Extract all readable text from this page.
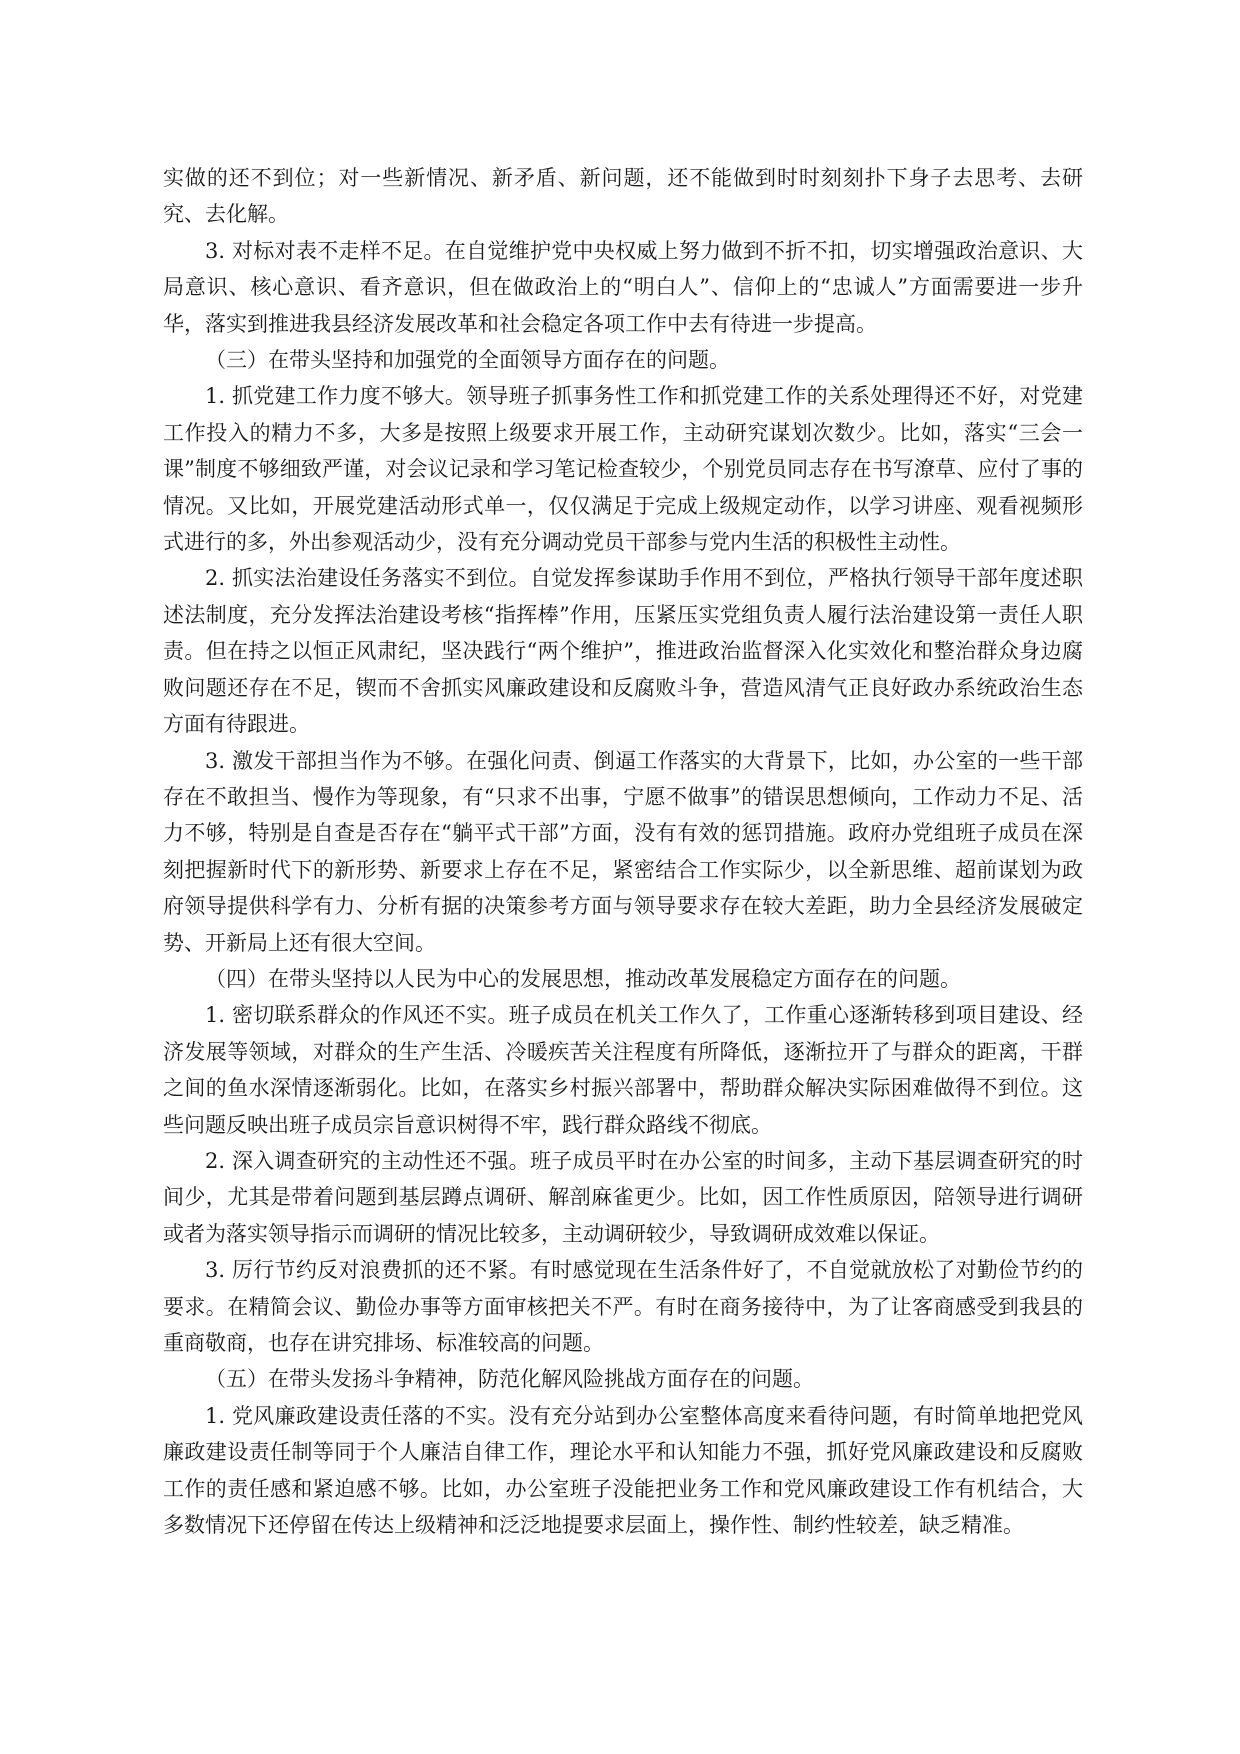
实做的还不到位；对一些新情况、新矛盾、新问题，还不能做到时时刻刻扑下身子去思考、去研究、去化解。

3. 对标对表不走样不足。在自觉维护党中央权威上努力做到不折不扣，切实增强政治意识、大局意识、核心意识、看齐意识，但在做政治上的“明白人”、信仰上的“忠诚人”方面需要进一步升华，落实到推进我县经济发展改革和社会稳定各项工作中去有待进一步提高。

（三）在带头坚持和加强党的全面领导方面存在的问题。

1. 抓党建工作力度不够大。领导班子抓事务性工作和抓党建工作的关系处理得还不好，对党建工作投入的精力不多，大多是按照上级要求开展工作，主动研究谋划次数少。比如，落实“三会一课”制度不够细致严谨，对会议记录和学习笔记检查较少，个别党员同志存在书写潦草、应付了事的情况。又比如，开展党建活动形式单一，仅仅满足于完成上级规定动作，以学习讲座、观看视频形式进行的多，外出参观活动少，没有充分调动党员干部参与党内生活的积极性主动性。

2. 抓实法治建设任务落实不到位。自觉发挥参谋助手作用不到位，严格执行领导干部年度述职述法制度，充分发挥法治建设考核“指挥棒”作用，压紧压实党组负责人履行法治建设第一责任人职责。但在持之以恒正风肃纪，坚决践行“两个维护”，推进政治监督深入化实效化和整治群众身边腐败问题还存在不足，锲而不舍抓实风廉政建设和反腐败斗争，营造风清气正良好政办系统政治生态方面有待跟进。

3. 激发干部担当作为不够。在强化问责、倒逼工作落实的大背景下，比如，办公室的一些干部存在不敢担当、慢作为等现象，有“只求不出事，宁愿不做事”的错误思想倾向，工作动力不足、活力不够，特别是自查是否存在“躺平式干部”方面，没有有效的惩罚措施。政府办党组班子成员在深刻把握新时代下的新形势、新要求上存在不足，紧密结合工作实际少，以全新思维、超前谋划为政府领导提供科学有力、分析有据的决策参考方面与领导要求存在较大差距，助力全县经济发展破定势、开新局上还有很大空间。

（四）在带头坚持以人民为中心的发展思想，推动改革发展稳定方面存在的问题。

1. 密切联系群众的作风还不实。班子成员在机关工作久了，工作重心逐渐转移到项目建设、经济发展等领域，对群众的生产生活、冷暖疾苦关注程度有所降低，逐渐拉开了与群众的距离，干群之间的鱼水深情逐渐弱化。比如，在落实乡村振兴部署中，帮助群众解决实际困难做得不到位。这些问题反映出班子成员宗旨意识树得不牢，践行群众路线不彻底。

2. 深入调查研究的主动性还不强。班子成员平时在办公室的时间多，主动下基层调查研究的时间少，尤其是带着问题到基层蹲点调研、解剖麻雀更少。比如，因工作性质原因，陪领导进行调研或者为落实领导指示而调研的情况比较多，主动调研较少，导致调研成效难以保证。

3. 厉行节约反对浪费抓的还不紧。有时感觉现在生活条件好了，不自觉就放松了对勤俭节约的要求。在精简会议、勤俭办事等方面审核把关不严。有时在商务接待中，为了让客商感受到我县的重商敬商，也存在讲究排场、标准较高的问题。

（五）在带头发扬斗争精神，防范化解风险挑战方面存在的问题。

1. 党风廉政建设责任落的不实。没有充分站到办公室整体高度来看待问题，有时简单地把党风廉政建设责任制等同于个人廉洁自律工作，理论水平和认知能力不强，抓好党风廉政建设和反腐败工作的责任感和紧迫感不够。比如，办公室班子没能把业务工作和党风廉政建设工作有机结合，大多数情况下还停留在传达上级精神和泛泛地提要求层面上，操作性、制约性较差，缺乏精准。
